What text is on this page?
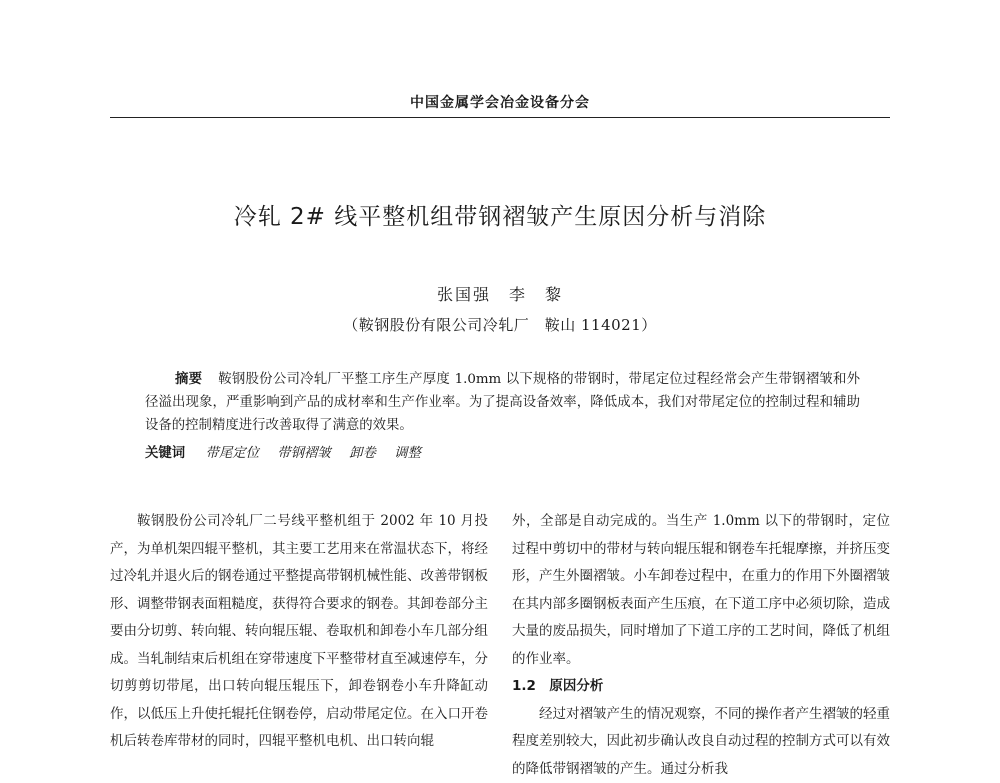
中国金属学会冶金设备分会
冷轧 2# 线平整机组带钢褶皱产生原因分析与消除
张国强　李　黎
（鞍钢股份有限公司冷轧厂　鞍山 114021）
摘要 鞍钢股份公司冷轧厂平整工序生产厚度 1.0mm 以下规格的带钢时，带尾定位过程经常会产生带钢褶皱和外径溢出现象，严重影响到产品的成材率和生产作业率。为了提高设备效率，降低成本，我们对带尾定位的控制过程和辅助设备的控制精度进行改善取得了满意的效果。
关键词 带尾定位 带钢褶皱 卸卷 调整

鞍钢股份公司冷轧厂二号线平整机组于 2002 年 10 月投产，为单机架四辊平整机，其主要工艺用来在常温状态下，将经过冷轧并退火后的钢卷通过平整提高带钢机械性能、改善带钢板形、调整带钢表面粗糙度，获得符合要求的钢卷。其卸卷部分主要由分切剪、转向辊、转向辊压辊、卷取机和卸卷小车几部分组成。当轧制结束后机组在穿带速度下平整带材直至减速停车，分切剪剪切带尾，出口转向辊压辊压下，卸卷钢卷小车升降缸动作，以低压上升使托辊托住钢卷停，启动带尾定位。在入口开卷机后转卷库带材的同时，四辊平整机电机、出口转向辊

外，全部是自动完成的。当生产 1.0mm 以下的带钢时，定位过程中剪切中的带材与转向辊压辊和钢卷车托辊摩擦，并挤压变形，产生外圈褶皱。小车卸卷过程中，在重力的作用下外圈褶皱在其内部多圈钢板表面产生压痕，在下道工序中必须切除，造成大量的废品损失，同时增加了下道工序的工艺时间，降低了机组的作业率。

1.2　原因分析

经过对褶皱产生的情况观察，不同的操作者产生褶皱的轻重程度差别较大，因此初步确认改良自动过程的控制方式可以有效的降低带钢褶皱的产生。通过分析我
